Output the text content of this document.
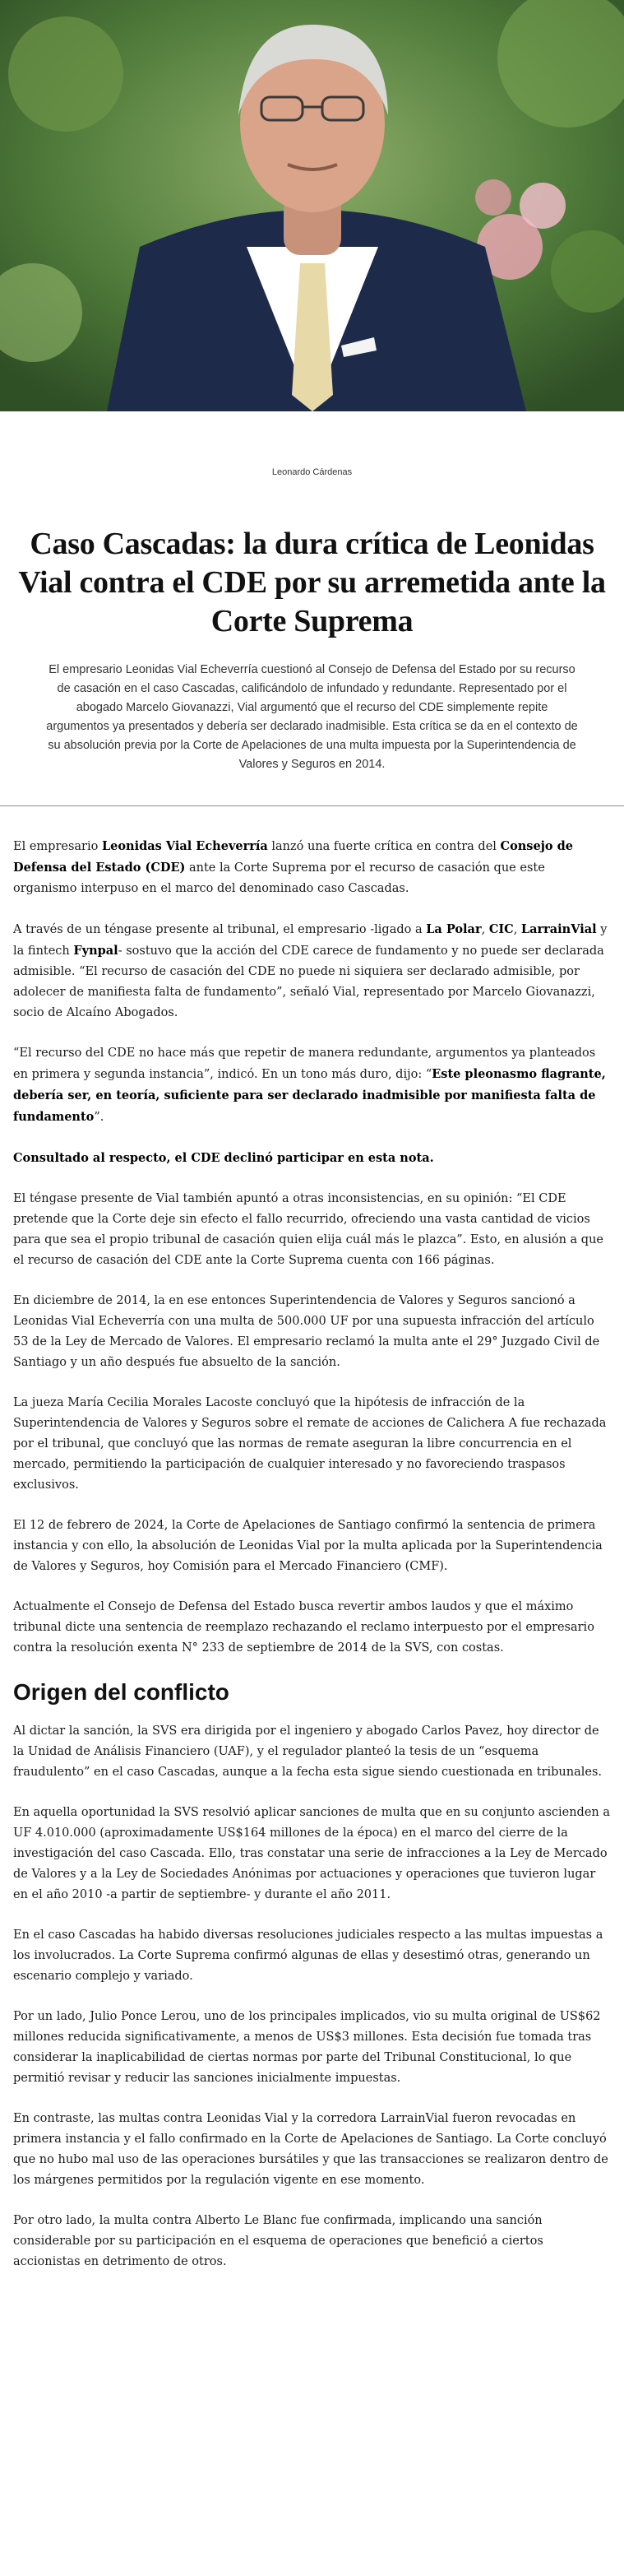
Leonardo Cárdenas
Caso Cascadas: la dura crítica de Leonidas Vial contra el CDE por su arremetida ante la Corte Suprema
El empresario Leonidas Vial Echeverría cuestionó al Consejo de Defensa del Estado por su recurso de casación en el caso Cascadas, calificándolo de infundado y redundante. Representado por el abogado Marcelo Giovanazzi, Vial argumentó que el recurso del CDE simplemente repite argumentos ya presentados y debería ser declarado inadmisible. Esta crítica se da en el contexto de su absolución previa por la Corte de Apelaciones de una multa impuesta por la Superintendencia de Valores y Seguros en 2014.

El empresario Leonidas Vial Echeverría lanzó una fuerte crítica en contra del Consejo de Defensa del Estado (CDE) ante la Corte Suprema por el recurso de casación que este organismo interpuso en el marco del denominado caso Cascadas.

A través de un téngase presente al tribunal, el empresario -ligado a La Polar, CIC, LarrainVial y la fintech Fynpal- sostuvo que la acción del CDE carece de fundamento y no puede ser declarada admisible. “El recurso de casación del CDE no puede ni siquiera ser declarado admisible, por adolecer de manifiesta falta de fundamento”, señaló Vial, representado por Marcelo Giovanazzi, socio de Alcaíno Abogados.

“El recurso del CDE no hace más que repetir de manera redundante, argumentos ya planteados en primera y segunda instancia”, indicó. En un tono más duro, dijo: “Este pleonasmo flagrante, debería ser, en teoría, suficiente para ser declarado inadmisible por manifiesta falta de fundamento”.

Consultado al respecto, el CDE declinó participar en esta nota.

El téngase presente de Vial también apuntó a otras inconsistencias, en su opinión: “El CDE pretende que la Corte deje sin efecto el fallo recurrido, ofreciendo una vasta cantidad de vicios para que sea el propio tribunal de casación quien elija cuál más le plazca”. Esto, en alusión a que el recurso de casación del CDE ante la Corte Suprema cuenta con 166 páginas.

En diciembre de 2014, la en ese entonces Superintendencia de Valores y Seguros sancionó a Leonidas Vial Echeverría con una multa de 500.000 UF por una supuesta infracción del artículo 53 de la Ley de Mercado de Valores. El empresario reclamó la multa ante el 29° Juzgado Civil de Santiago y un año después fue absuelto de la sanción.

La jueza María Cecilia Morales Lacoste concluyó que la hipótesis de infracción de la Superintendencia de Valores y Seguros sobre el remate de acciones de Calichera A fue rechazada por el tribunal, que concluyó que las normas de remate aseguran la libre concurrencia en el mercado, permitiendo la participación de cualquier interesado y no favoreciendo traspasos exclusivos.

El 12 de febrero de 2024, la Corte de Apelaciones de Santiago confirmó la sentencia de primera instancia y con ello, la absolución de Leonidas Vial por la multa aplicada por la Superintendencia de Valores y Seguros, hoy Comisión para el Mercado Financiero (CMF).

Actualmente el Consejo de Defensa del Estado busca revertir ambos laudos y que el máximo tribunal dicte una sentencia de reemplazo rechazando el reclamo interpuesto por el empresario contra la resolución exenta N° 233 de septiembre de 2014 de la SVS, con costas.

Origen del conflicto

Al dictar la sanción, la SVS era dirigida por el ingeniero y abogado Carlos Pavez, hoy director de la Unidad de Análisis Financiero (UAF), y el regulador planteó la tesis de un “esquema fraudulento” en el caso Cascadas, aunque a la fecha esta sigue siendo cuestionada en tribunales.

En aquella oportunidad la SVS resolvió aplicar sanciones de multa que en su conjunto ascienden a UF 4.010.000 (aproximadamente US$164 millones de la época) en el marco del cierre de la investigación del caso Cascada. Ello, tras constatar una serie de infracciones a la Ley de Mercado de Valores y a la Ley de Sociedades Anónimas por actuaciones y operaciones que tuvieron lugar en el año 2010 -a partir de septiembre- y durante el año 2011.

En el caso Cascadas ha habido diversas resoluciones judiciales respecto a las multas impuestas a los involucrados. La Corte Suprema confirmó algunas de ellas y desestimó otras, generando un escenario complejo y variado.

Por un lado, Julio Ponce Lerou, uno de los principales implicados, vio su multa original de US$62 millones reducida significativamente, a menos de US$3 millones. Esta decisión fue tomada tras considerar la inaplicabilidad de ciertas normas por parte del Tribunal Constitucional, lo que permitió revisar y reducir las sanciones inicialmente impuestas.

En contraste, las multas contra Leonidas Vial y la corredora LarrainVial fueron revocadas en primera instancia y el fallo confirmado en la Corte de Apelaciones de Santiago. La Corte concluyó que no hubo mal uso de las operaciones bursátiles y que las transacciones se realizaron dentro de los márgenes permitidos por la regulación vigente en ese momento.

Por otro lado, la multa contra Alberto Le Blanc fue confirmada, implicando una sanción considerable por su participación en el esquema de operaciones que benefició a ciertos accionistas en detrimento de otros.
